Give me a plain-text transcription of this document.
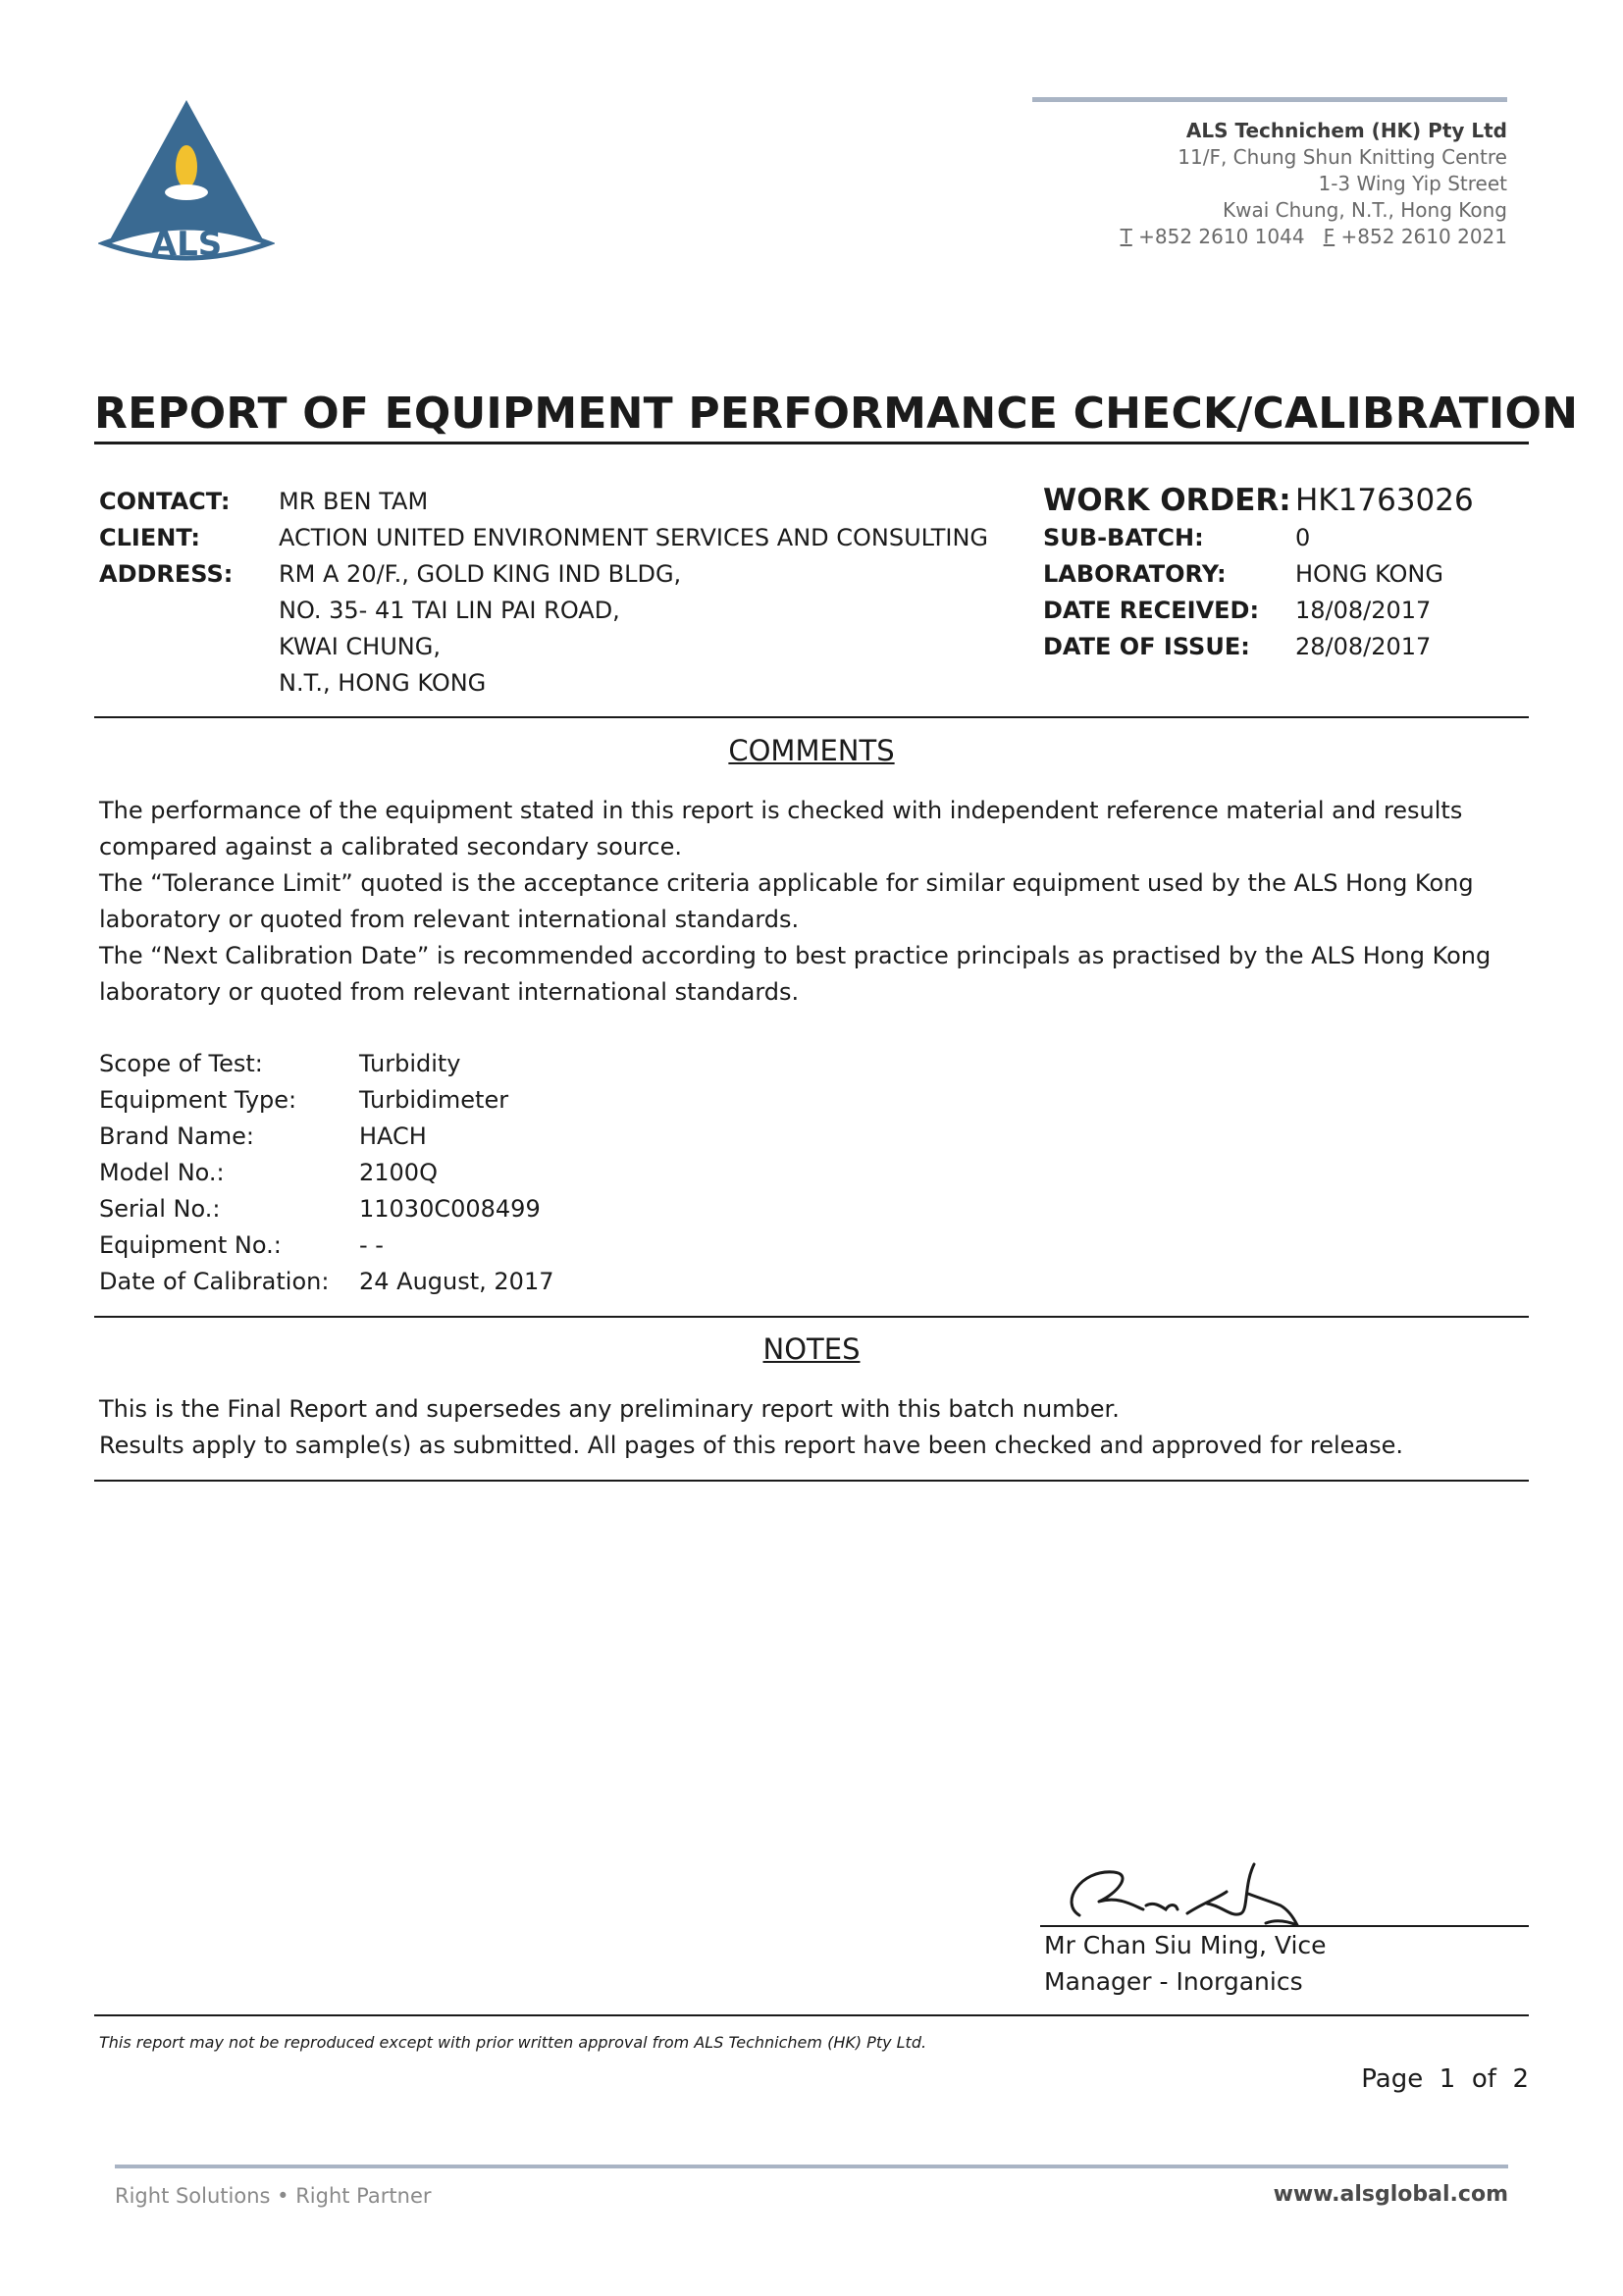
ALS
ALS Technichem (HK) Pty Ltd
11/F, Chung Shun Knitting Centre
1-3 Wing Yip Street
Kwai Chung, N.T., Hong Kong
T +852 2610 1044 F +852 2610 2021
REPORT OF EQUIPMENT PERFORMANCE CHECK/CALIBRATION
CONTACT: MR BEN TAM
CLIENT:	ACTION UNITED ENVIRONMENT SERVICES AND CONSULTING
ADDRESS: RM A 20/F., GOLD KING IND BLDG,
NO. 35- 41 TAI LIN PAI ROAD,
KWAI CHUNG,
N.T., HONG KONG
WORK ORDER: HK1763026
SUB-BATCH:	0
LABORATORY:	HONG KONG
DATE RECEIVED: 18/08/2017
DATE OF ISSUE: 28/08/2017
COMMENTS

The performance of the equipment stated in this report is checked with independent reference material and results compared against a calibrated secondary source.

The “Tolerance Limit” quoted is the acceptance criteria applicable for similar equipment used by the ALS Hong Kong laboratory or quoted from relevant international standards.

The “Next Calibration Date” is recommended according to best practice principals as practised by the ALS Hong Kong laboratory or quoted from relevant international standards.

Scope of Test:	Turbidity
Equipment Type:	Turbidimeter
Brand Name:	HACH
Model No.:	2100Q
Serial No.:	11030C008499
Equipment No.:	- -
Date of Calibration: 24 August, 2017
NOTES

This is the Final Report and supersedes any preliminary report with this batch number.

Results apply to sample(s) as submitted. All pages of this report have been checked and approved for release.

Mr Chan Siu Ming, Vice
Manager - Inorganics
This report may not be reproduced except with prior written approval from ALS Technichem (HK) Pty Ltd.
Page 1 of 2
Right Solutions • Right Partner	www.alsglobal.com
